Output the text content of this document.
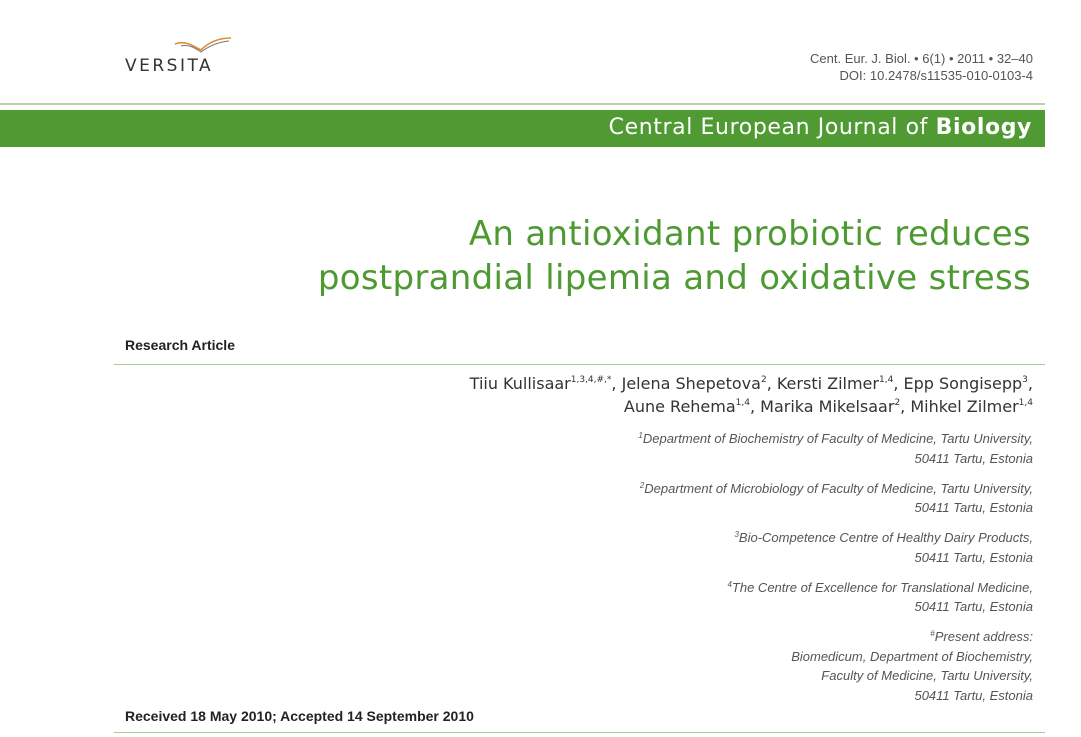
VERSITA	Cent. Eur. J. Biol. • 6(1) • 2011 • 32–40
DOI: 10.2478/s11535-010-0103-4
Central European Journal of Biology
An antioxidant probiotic reduces
postprandial lipemia and oxidative stress
Research Article
Tiiu Kullisaar$^{1,3,4,\#,*}$, Jelena Shepetova$^2$, Kersti Zilmer$^{1,4}$, Epp Songisepp$^3$,
Aune Rehema$^{1,4}$, Marika Mikelsaar$^2$, Mihkel Zilmer$^{1,4}$
$^1$Department of Biochemistry of Faculty of Medicine, Tartu University,
50411 Tartu, Estonia
$^2$Department of Microbiology of Faculty of Medicine, Tartu University,
50411 Tartu, Estonia
$^3$Bio-Competence Centre of Healthy Dairy Products,
50411 Tartu, Estonia
$^4$The Centre of Excellence for Translational Medicine,
50411 Tartu, Estonia
#Present address:
Biomedicum, Department of Biochemistry,
Faculty of Medicine, Tartu University,
50411 Tartu, Estonia
Received 18 May 2010; Accepted 14 September 2010
